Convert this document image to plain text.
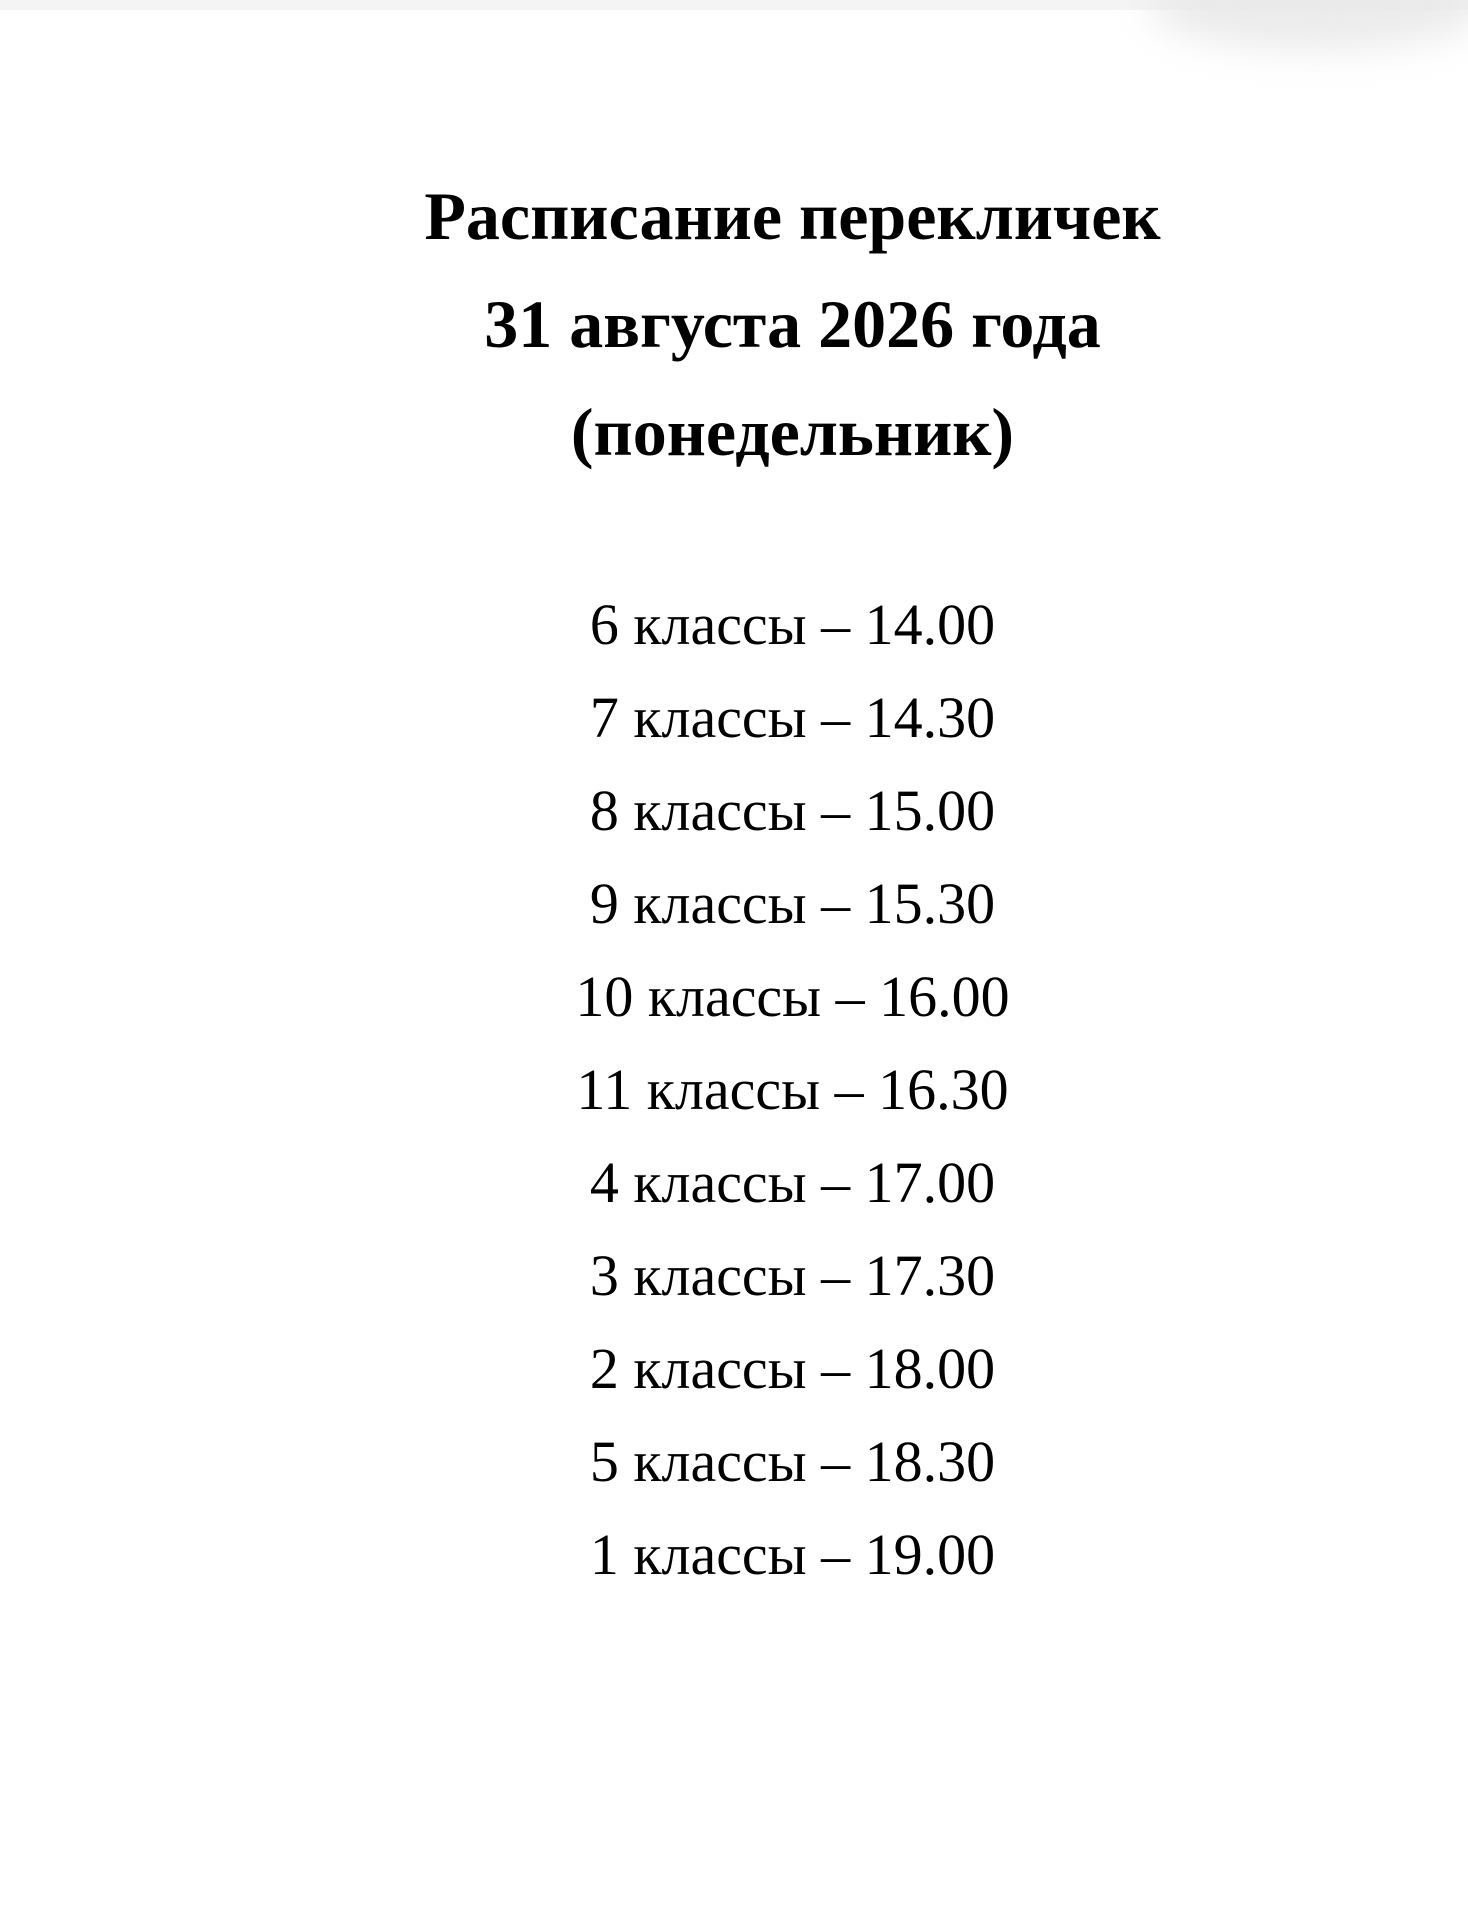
Расписание перекличек
31 августа 2026 года
(понедельник)
6 классы – 14.00
7 классы – 14.30
8 классы – 15.00
9 классы – 15.30
10 классы – 16.00
11 классы – 16.30
4 классы – 17.00
3 классы – 17.30
2 классы – 18.00
5 классы – 18.30
1 классы – 19.00
